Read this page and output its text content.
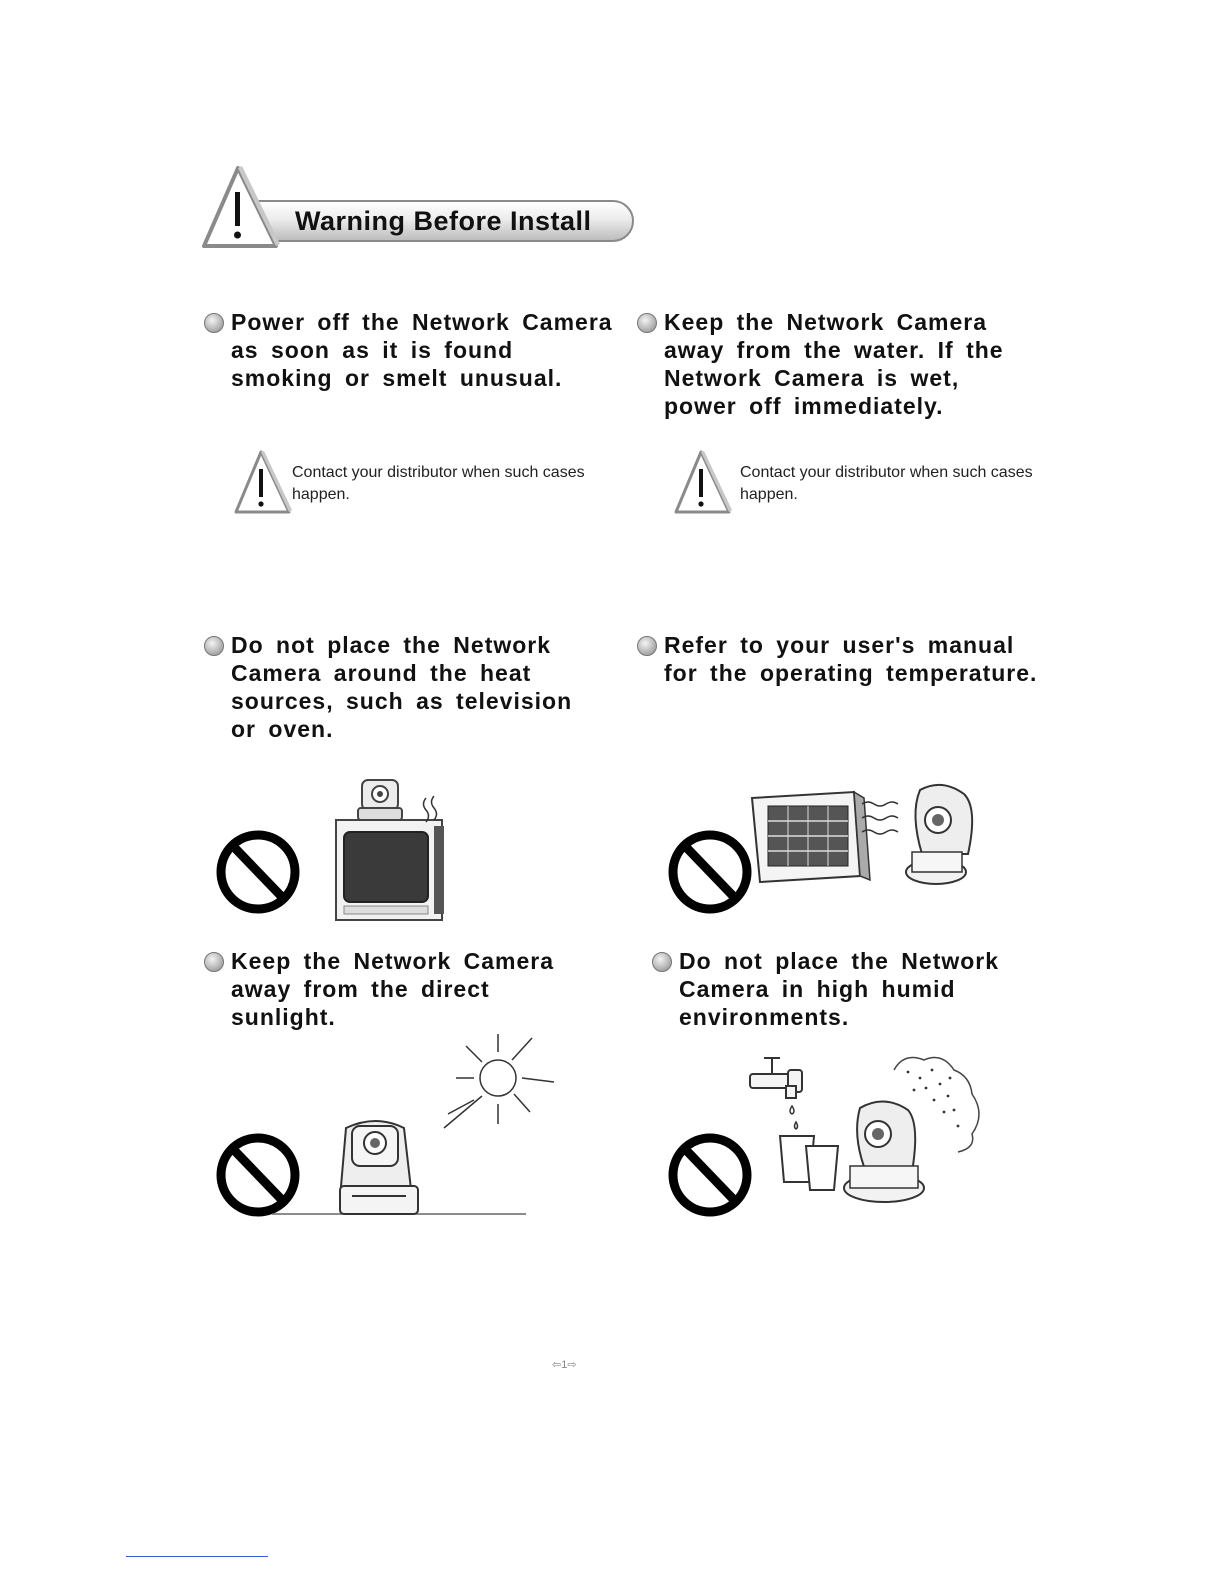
Warning Before Install
Power off the Network Camera
as soon as it is found
smoking or smelt unusual.
Keep the Network Camera
away from the water. If the
Network Camera is wet,
power off immediately.
Contact your distributor when such cases happen.
Contact your distributor when such cases happen.
Do not place the Network
Camera around the heat
sources, such as television
or oven.
Refer to your user's manual
for the operating temperature.
Keep the Network Camera
away from the direct
sunlight.
Do not place the Network
Camera in high humid
environments.
⇦1⇨
